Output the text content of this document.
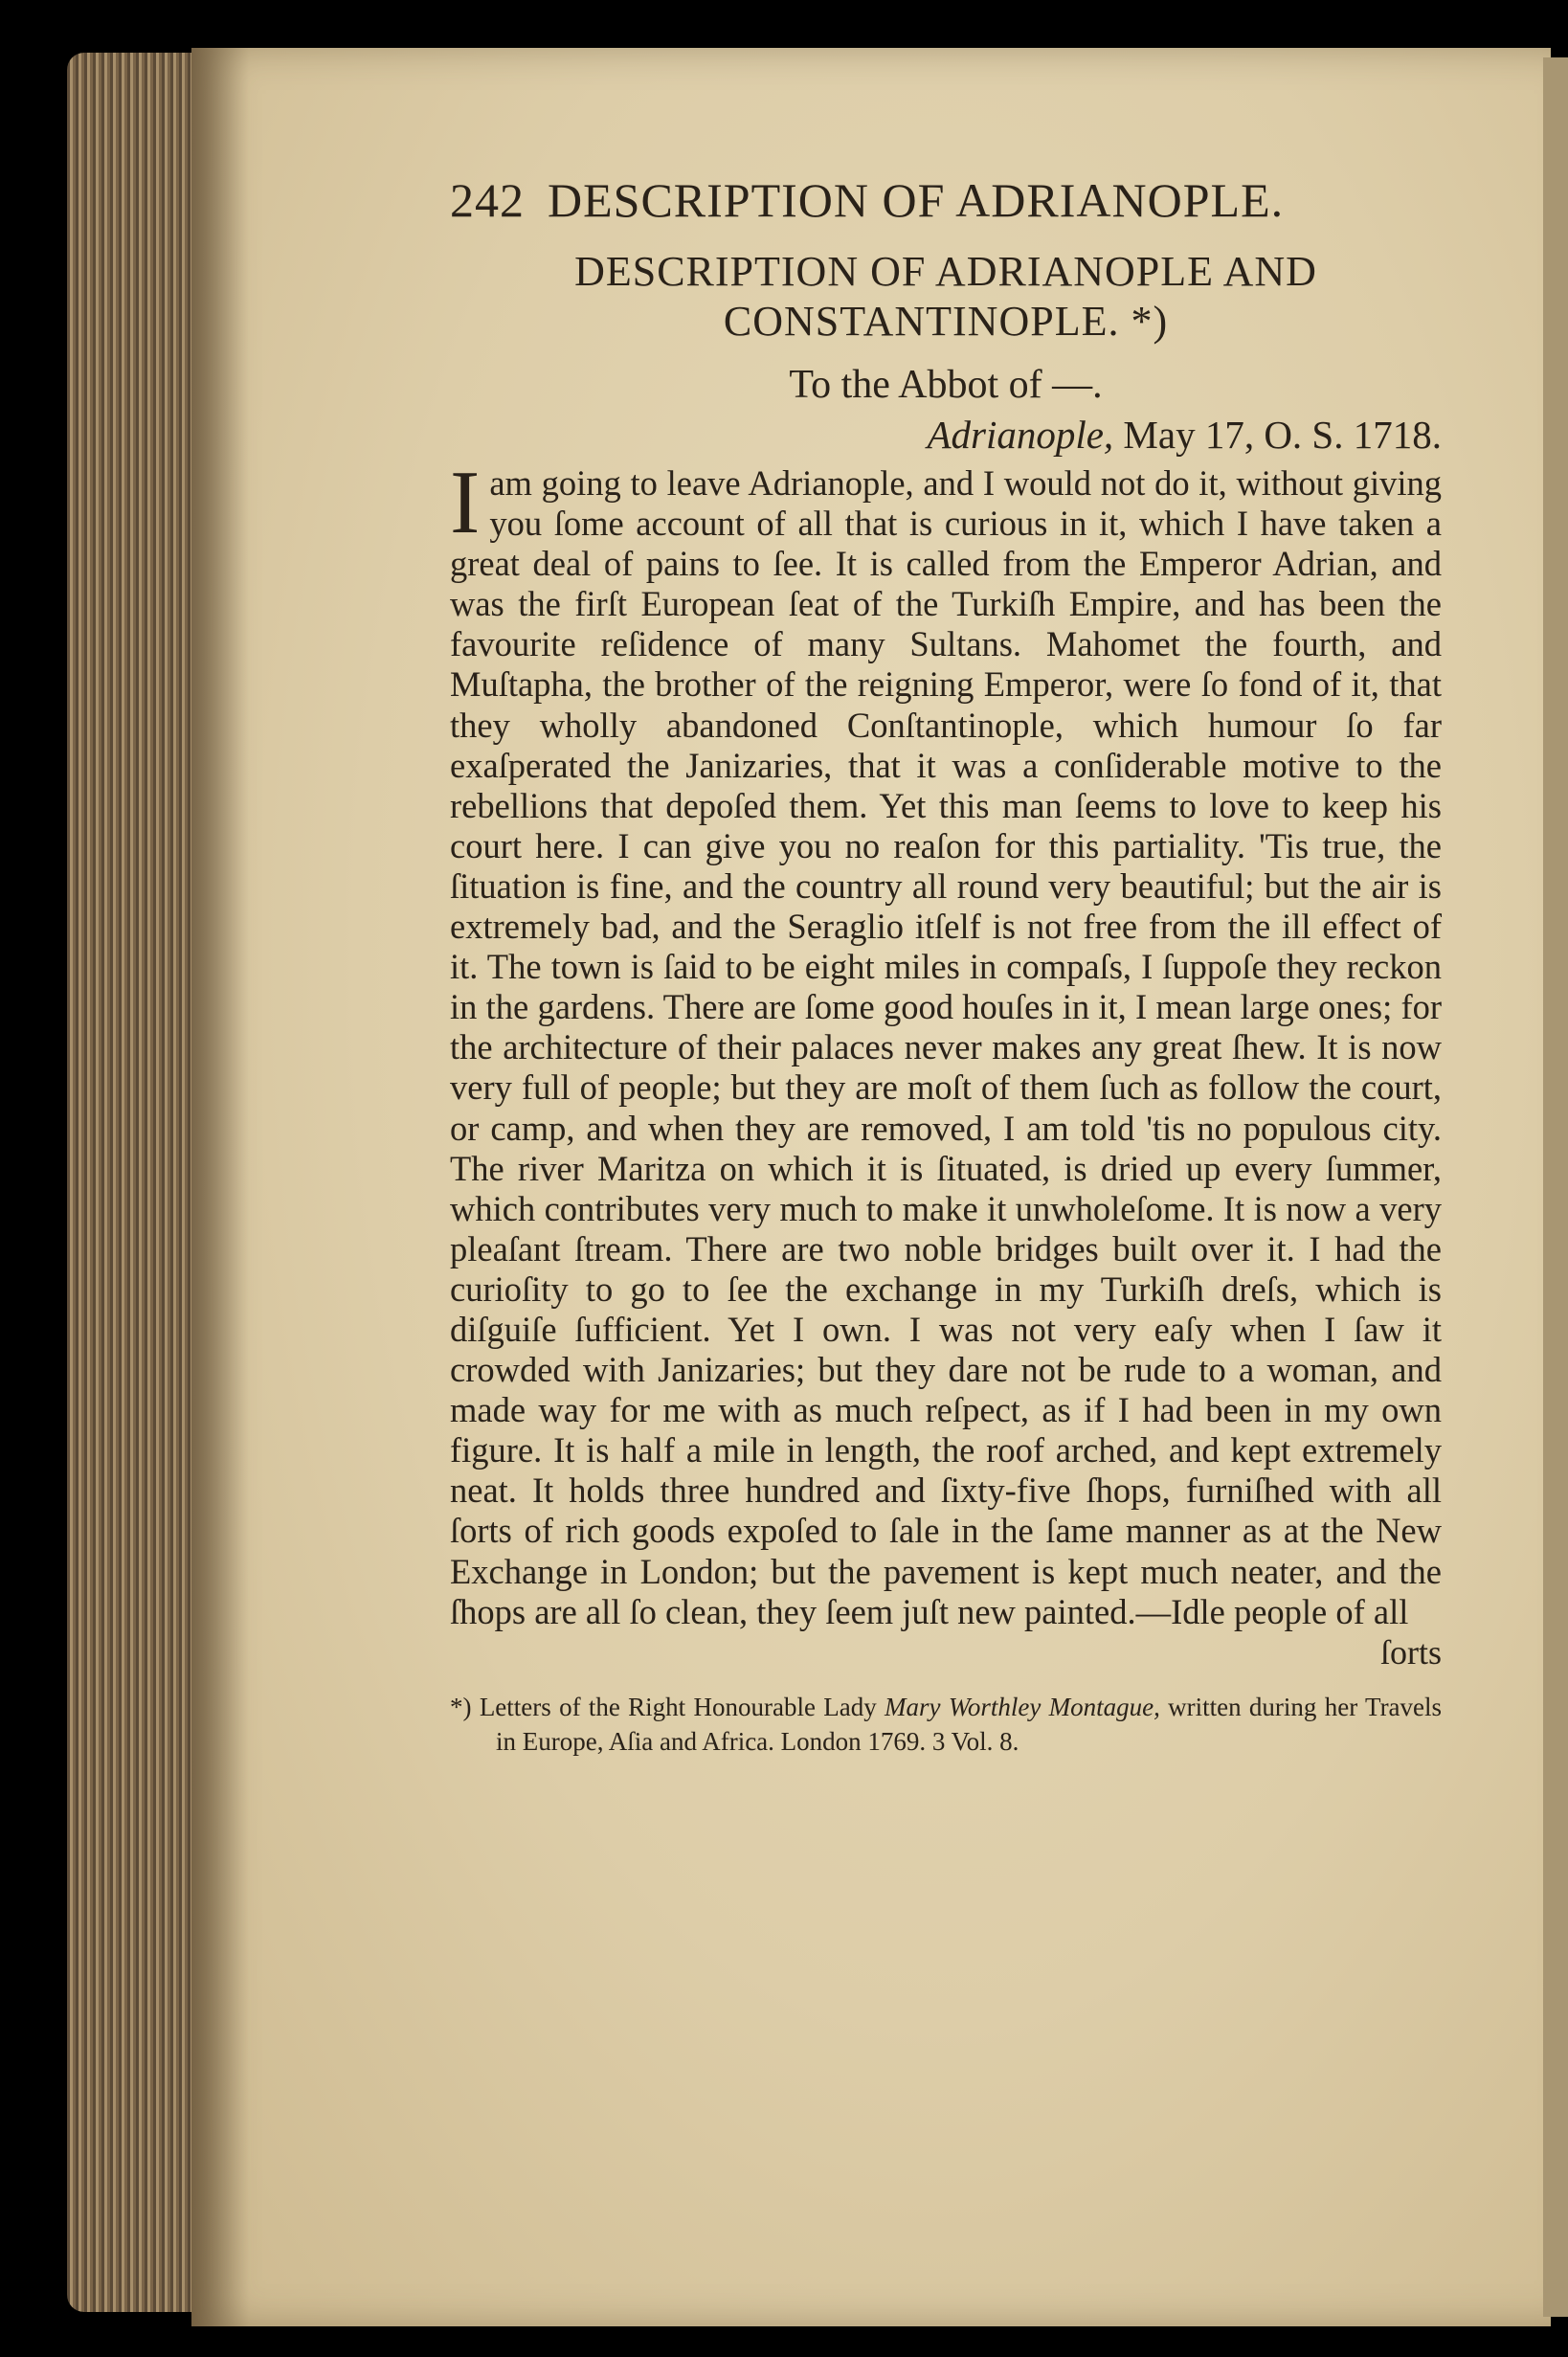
242 DESCRIPTION OF ADRIANOPLE.
DESCRIPTION OF ADRIANOPLE AND
CONSTANTINOPLE. *)
To the Abbot of —.
Adrianople, May 17, O. S. 1718.
I am going to leave Adrianople, and I would not do it, without giving you ſome account of all that is curious in it, which I have taken a great deal of pains to ſee. It is called from the Emperor Adrian, and was the firſt European ſeat of the Turkiſh Empire, and has been the favourite reſidence of many Sultans. Mahomet the fourth, and Muſtapha, the brother of the reigning Emperor, were ſo fond of it, that they wholly abandoned Conſtantinople, which humour ſo far exaſperated the Janizaries, that it was a conſiderable motive to the rebellions that depoſed them. Yet this man ſeems to love to keep his court here. I can give you no reaſon for this partiality. 'Tis true, the ſituation is fine, and the country all round very beautiful; but the air is extremely bad, and the Seraglio itſelf is not free from the ill effect of it. The town is ſaid to be eight miles in compaſs, I ſuppoſe they reckon in the gardens. There are ſome good houſes in it, I mean large ones; for the architecture of their palaces never makes any great ſhew. It is now very full of people; but they are moſt of them ſuch as follow the court, or camp, and when they are removed, I am told 'tis no populous city. The river Maritza on which it is ſituated, is dried up every ſummer, which contributes very much to make it unwholeſome. It is now a very pleaſant ſtream. There are two noble bridges built over it. I had the curioſity to go to ſee the exchange in my Turkiſh dreſs, which is diſguiſe ſufficient. Yet I own. I was not very eaſy when I ſaw it crowded with Janizaries; but they dare not be rude to a woman, and made way for me with as much reſpect, as if I had been in my own figure. It is half a mile in length, the roof arched, and kept extremely neat. It holds three hundred and ſixty-five ſhops, furniſhed with all ſorts of rich goods expoſed to ſale in the ſame manner as at the New Exchange in London; but the pavement is kept much neater, and the ſhops are all ſo clean, they ſeem juſt new painted.—Idle people of all
ſorts
*) Letters of the Right Honourable Lady Mary Worthley Montague, written during her Travels in Europe, Aſia and Africa. London 1769. 3 Vol. 8.
